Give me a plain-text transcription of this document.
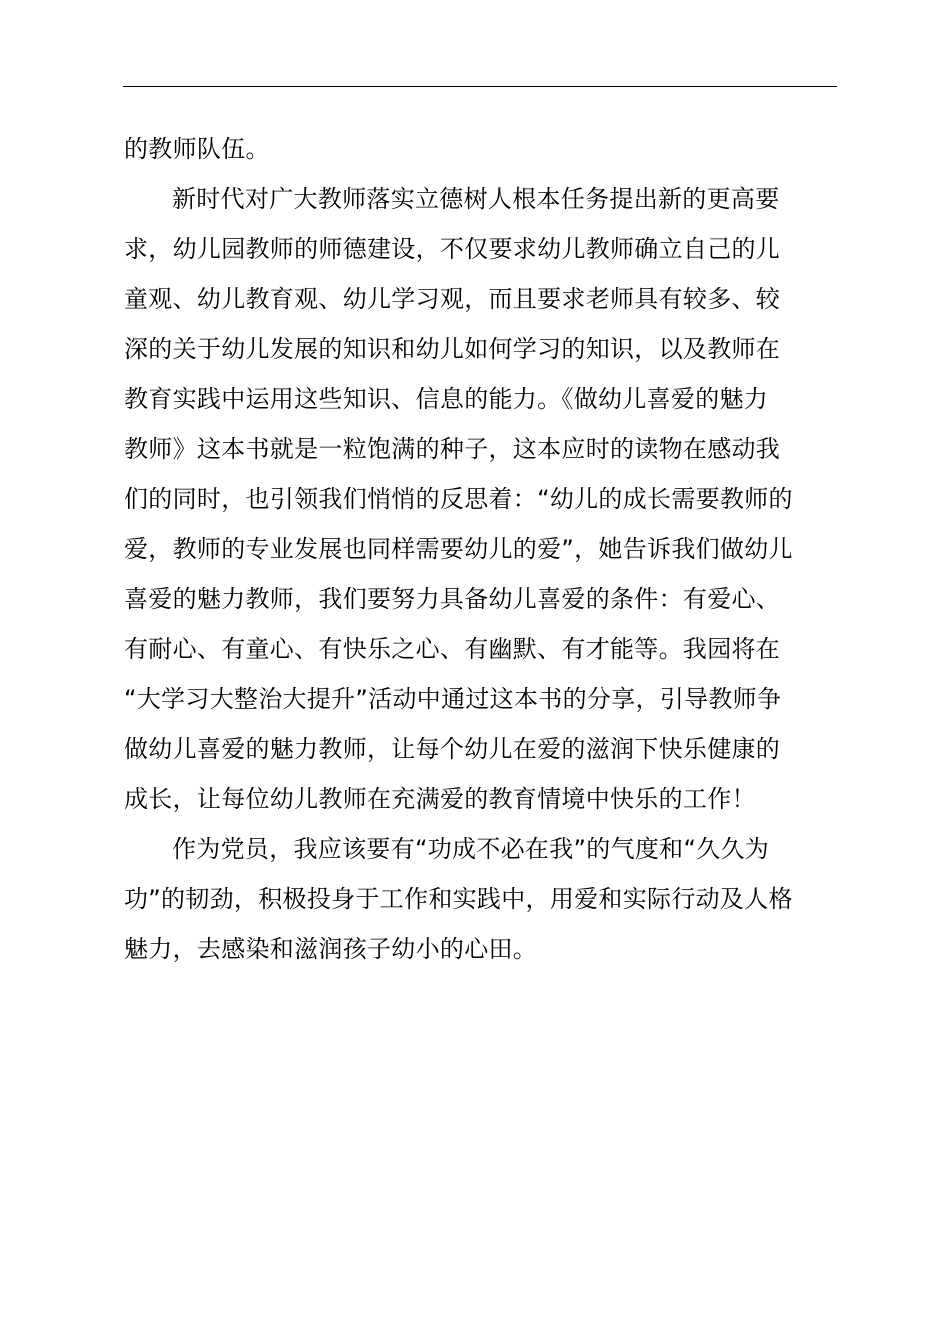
的教师队伍。
新时代对广大教师落实立德树人根本任务提出新的更高要
求，幼儿园教师的师德建设，不仅要求幼儿教师确立自己的儿
童观、幼儿教育观、幼儿学习观，而且要求老师具有较多、较
深的关于幼儿发展的知识和幼儿如何学习的知识，以及教师在
教育实践中运用这些知识、信息的能力。《做幼儿喜爱的魅力
教师》这本书就是一粒饱满的种子，这本应时的读物在感动我
们的同时，也引领我们悄悄的反思着：“幼儿的成长需要教师的
爱，教师的专业发展也同样需要幼儿的爱”，她告诉我们做幼儿
喜爱的魅力教师，我们要努力具备幼儿喜爱的条件：有爱心、
有耐心、有童心、有快乐之心、有幽默、有才能等。我园将在
“大学习大整治大提升”活动中通过这本书的分享，引导教师争
做幼儿喜爱的魅力教师，让每个幼儿在爱的滋润下快乐健康的
成长，让每位幼儿教师在充满爱的教育情境中快乐的工作！
作为党员，我应该要有“功成不必在我”的气度和“久久为
功”的韧劲，积极投身于工作和实践中，用爱和实际行动及人格
魅力，去感染和滋润孩子幼小的心田。
